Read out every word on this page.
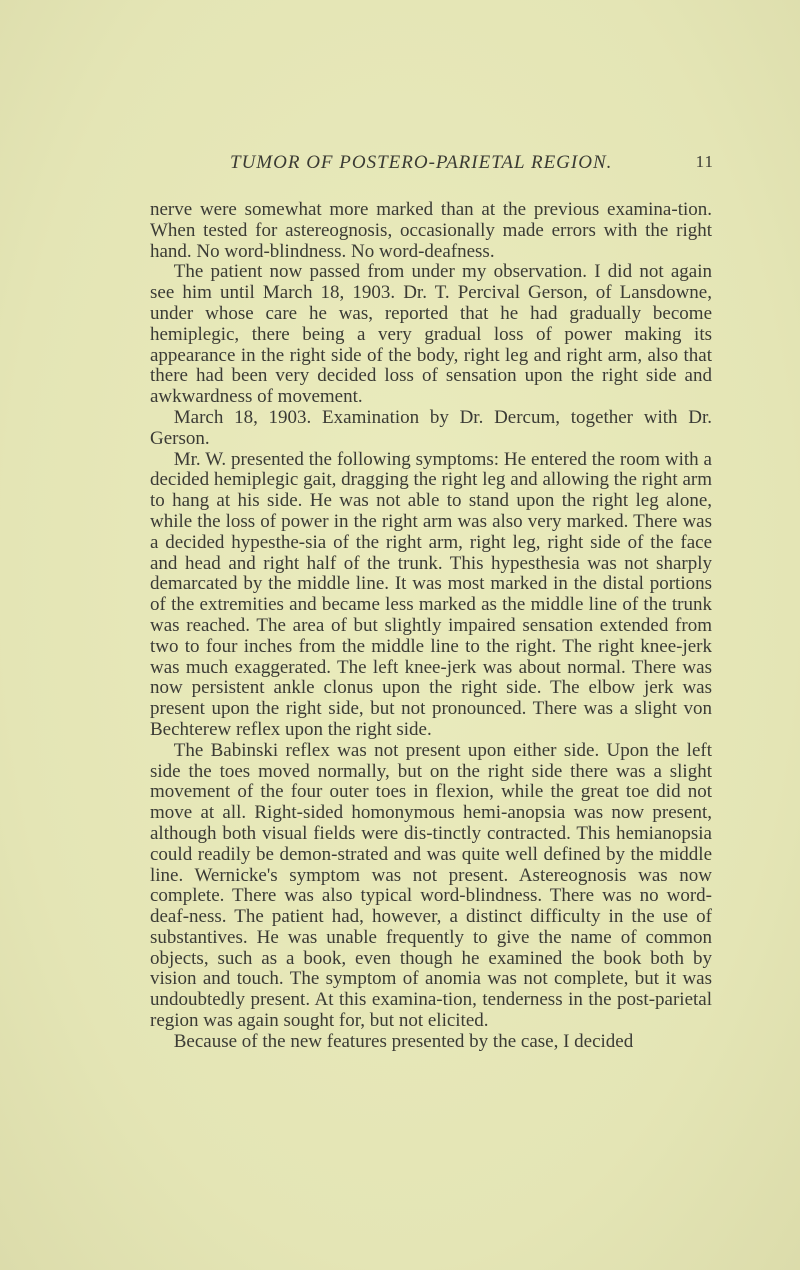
TUMOR OF POSTERO-PARIETAL REGION.	11

nerve were somewhat more marked than at the previous examina-tion. When tested for astereognosis, occasionally made errors with the right hand. No word-blindness. No word-deafness.

The patient now passed from under my observation. I did not again see him until March 18, 1903. Dr. T. Percival Gerson, of Lansdowne, under whose care he was, reported that he had gradually become hemiplegic, there being a very gradual loss of power making its appearance in the right side of the body, right leg and right arm, also that there had been very decided loss of sensation upon the right side and awkwardness of movement.

March 18, 1903. Examination by Dr. Dercum, together with Dr. Gerson.

Mr. W. presented the following symptoms: He entered the room with a decided hemiplegic gait, dragging the right leg and allowing the right arm to hang at his side. He was not able to stand upon the right leg alone, while the loss of power in the right arm was also very marked. There was a decided hypesthe-sia of the right arm, right leg, right side of the face and head and right half of the trunk. This hypesthesia was not sharply demarcated by the middle line. It was most marked in the distal portions of the extremities and became less marked as the middle line of the trunk was reached. The area of but slightly impaired sensation extended from two to four inches from the middle line to the right. The right knee-jerk was much exaggerated. The left knee-jerk was about normal. There was now persistent ankle clonus upon the right side. The elbow jerk was present upon the right side, but not pronounced. There was a slight von Bechterew reflex upon the right side.

The Babinski reflex was not present upon either side. Upon the left side the toes moved normally, but on the right side there was a slight movement of the four outer toes in flexion, while the great toe did not move at all. Right-sided homonymous hemi-anopsia was now present, although both visual fields were dis-tinctly contracted. This hemianopsia could readily be demon-strated and was quite well defined by the middle line. Wernicke's symptom was not present. Astereognosis was now complete. There was also typical word-blindness. There was no word-deaf-ness. The patient had, however, a distinct difficulty in the use of substantives. He was unable frequently to give the name of common objects, such as a book, even though he examined the book both by vision and touch. The symptom of anomia was not complete, but it was undoubtedly present. At this examina-tion, tenderness in the post-parietal region was again sought for, but not elicited.

Because of the new features presented by the case, I decided
